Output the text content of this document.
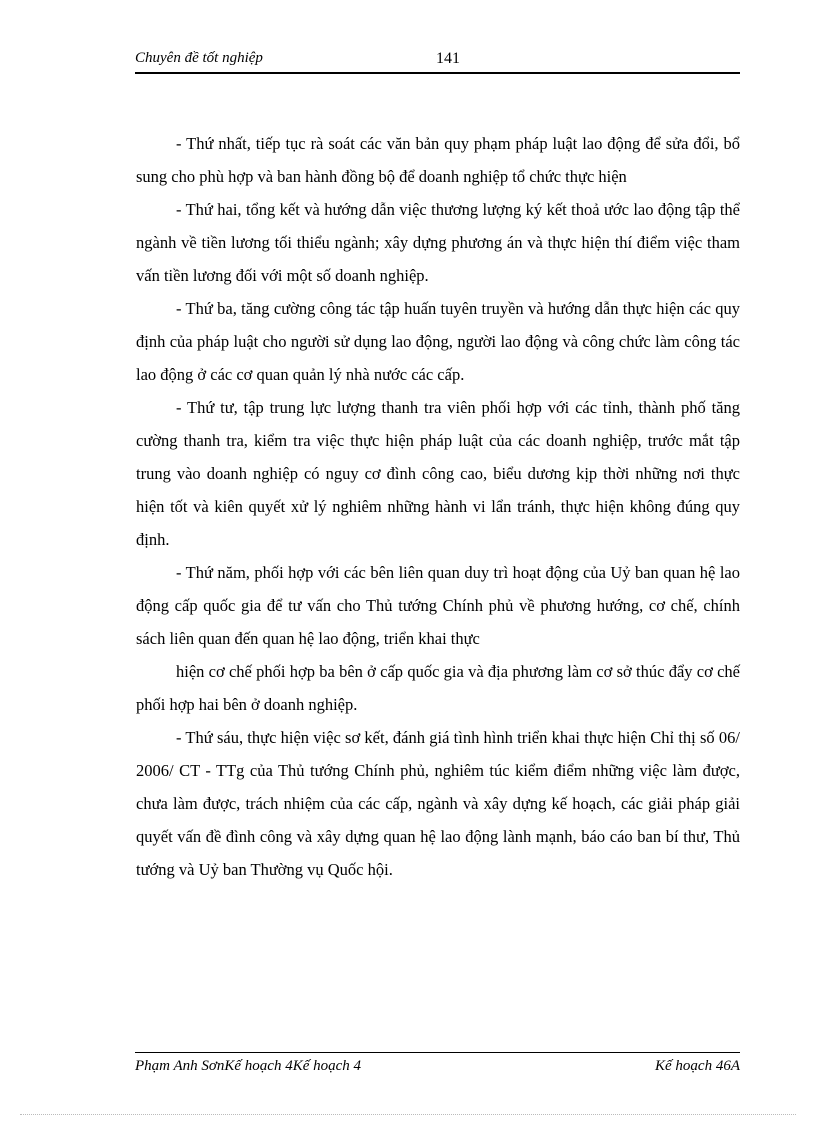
Chuyên đề tốt nghiệp	141

- Thứ nhất, tiếp tục rà soát các văn bản quy phạm pháp luật lao động để sửa đổi, bổ sung cho phù hợp và ban hành đồng bộ để doanh nghiệp tổ chức thực hiện

- Thứ hai, tổng kết và hướng dẫn việc thương lượng ký kết thoả ước lao động tập thể ngành về tiền lương tối thiểu ngành; xây dựng phương án và thực hiện thí điểm việc tham vấn tiền lương đối với một số doanh nghiệp.

- Thứ ba, tăng cường công tác tập huấn tuyên truyền và hướng dẫn thực hiện các quy định của pháp luật cho người sử dụng lao động, người lao động và công chức làm công tác lao động ở các cơ quan quản lý nhà nước các cấp.

- Thứ tư, tập trung lực lượng thanh tra viên phối hợp với các tỉnh, thành phố tăng cường thanh tra, kiểm tra việc thực hiện pháp luật của các doanh nghiệp, trước mắt tập trung vào doanh nghiệp có nguy cơ đình công cao, biểu dương kịp thời những nơi thực hiện tốt và kiên quyết xử lý nghiêm những hành vi lẩn tránh, thực hiện không đúng quy định.

- Thứ năm, phối hợp với các bên liên quan duy trì hoạt động của Uỷ ban quan hệ lao động cấp quốc gia để tư vấn cho Thủ tướng Chính phủ về phương hướng, cơ chế, chính sách liên quan đến quan hệ lao động, triển khai thực

hiện cơ chế phối hợp ba bên ở cấp quốc gia và địa phương làm cơ sở thúc đẩy cơ chế phối hợp hai bên ở doanh nghiệp.

- Thứ sáu, thực hiện việc sơ kết, đánh giá tình hình triển khai thực hiện Chỉ thị số 06/ 2006/ CT - TTg của Thủ tướng Chính phủ, nghiêm túc kiểm điểm những việc làm được, chưa làm được, trách nhiệm của các cấp, ngành và xây dựng kế hoạch, các giải pháp giải quyết vấn đề đình công và xây dựng quan hệ lao động lành mạnh, báo cáo ban bí thư, Thủ tướng và Uỷ ban Thường vụ Quốc hội.

Phạm Anh SơnKế hoạch 4Kế hoạch 4	Kế hoạch 46A
